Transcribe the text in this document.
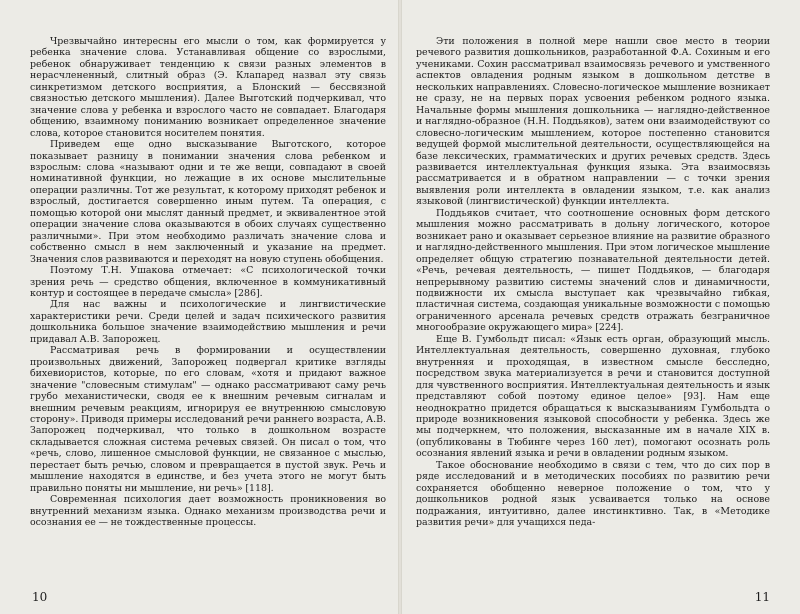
Чрезвычайно интересны его мысли о том, как формируется у ребенка значение слова. Устанавливая общение со взрослыми, ребенок обнаруживает тенденцию к связи разных элементов в нерасчлененный, слитный образ (Э. Клапаред назвал эту связь синкретизмом детского восприятия, а Блонский — бессвязной связностью детского мышления). Далее Выготский подчеркивал, что значение слова у ребенка и взрослого часто не совпадает. Благодаря общению, взаимному пониманию возникает определенное значение слова, которое становится носителем понятия.

Приведем еще одно высказывание Выготского, которое показывает разницу в понимании значения слова ребенком и взрослым: слова «называют одни и те же вещи, совпадают в своей номинативной функции, но лежащие в их основе мыслительные операции различны. Тот же результат, к которому приходят ребенок и взрослый, достигается совершенно иным путем. Та операция, с помощью которой они мыслят данный предмет, и эквивалентное этой операции значение слова оказываются в обоих случаях существенно различными». При этом необходимо различать значение слова и собственно смысл в нем заключенный и указание на предмет. Значения слов развиваются и переходят на новую ступень обобщения.

Поэтому Т.Н. Ушакова отмечает: «С психологической точки зрения речь — средство общения, включенное в коммуникативный контур и состоящее в передаче смысла» [286].

Для нас важны и психологические и лингвистические характеристики речи. Среди целей и задач психического развития дошкольника большое значение взаимодействию мышления и речи придавал А.В. Запорожец.

Рассматривая речь в формировании и осуществлении произвольных движений, Запорожец подвергал критике взгляды бихевиористов, которые, по его словам, «хотя и придают важное значение "словесным стимулам" — однако рассматривают саму речь грубо механистически, сводя ее к внешним речевым сигналам и внешним речевым реакциям, игнорируя ее внутреннюю смысловую сторону». Приводя примеры исследований речи раннего возраста, А.В. Запорожец подчеркивал, что только в дошкольном возрасте складывается сложная система речевых связей. Он писал о том, что «речь, слово, лишенное смысловой функции, не связанное с мыслью, перестает быть речью, словом и превращается в пустой звук. Речь и мышление находятся в единстве, и без учета этого не могут быть правильно поняты ни мышление, ни речь» [118].

Современная психология дает возможность проникновения во внутренний механизм языка. Однако механизм производства речи и осознания ее — не тождественные процессы.

10

Эти положения в полной мере нашли свое место в теории речевого развития дошкольников, разработанной Ф.А. Сохиным и его учениками. Сохин рассматривал взаимосвязь речевого и умственного аспектов овладения родным языком в дошкольном детстве в нескольких направлениях. Словесно-логическое мышление возникает не сразу, не на первых порах усвоения ребенком родного языка. Начальные формы мышления дошкольника — наглядно-действенное и наглядно-образное (Н.Н. Поддьяков), затем они взаимодействуют со словесно-логическим мышлением, которое постепенно становится ведущей формой мыслительной деятельности, осуществляющейся на базе лексических, грамматических и других речевых средств. Здесь развивается интеллектуальная функция языка. Эта взаимосвязь рассматривается и в обратном направлении — с точки зрения выявления роли интеллекта в овладении языком, т.е. как анализ языковой (лингвистической) функции интеллекта.

Поддьяков считает, что соотношение основных форм детского мышления можно рассматривать в дольну логического, которое возникает рано и оказывает серьезное влияние на развитие образного и наглядно-действенного мышления. При этом логическое мышление определяет общую стратегию познавательной деятельности детей. «Речь, речевая деятельность, — пишет Поддьяков, — благодаря непрерывному развитию системы значений слов и динамичности, подвижности их смысла выступает как чрезвычайно гибкая, пластичная система, создающая уникальные возможности с помощью ограниченного арсенала речевых средств отражать безграничное многообразие окружающего мира» [224].

Еще В. Гумбольдт писал: «Язык есть орган, образующий мысль. Интеллектуальная деятельность, совершенно духовная, глубоко внутренняя и проходящая, в известном смысле бесследно, посредством звука материализуется в речи и становится доступной для чувственного восприятия. Интеллектуальная деятельность и язык представляют собой поэтому единое целое» [93]. Нам еще неоднократно придется обращаться к высказываниям Гумбольдта о природе возникновения языковой способности у ребенка. Здесь же мы подчеркнем, что положения, высказанные им в начале XIX в. (опубликованы в Тюбинге через 160 лет), помогают осознать роль осознания явлений языка и речи в овладении родным языком.

Такое обоснование необходимо в связи с тем, что до сих пор в ряде исследований и в методических пособиях по развитию речи сохраняется обобщенно неверное положение о том, что у дошкольников родной язык усваивается только на основе подражания, интуитивно, далее инстинктивно. Так, в «Методике развития речи» для учащихся педа-

11
